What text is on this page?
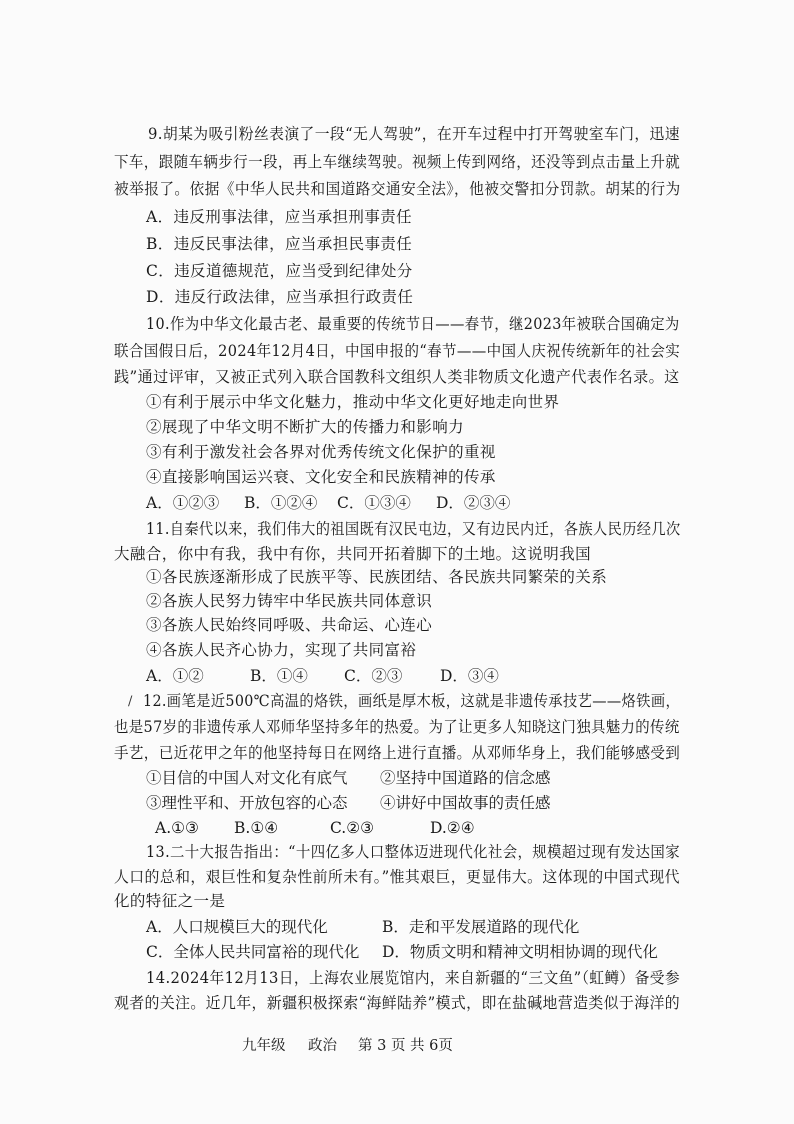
9.胡某为吸引粉丝表演了一段“无人驾驶”，在开车过程中打开驾驶室车门，迅速
下车，跟随车辆步行一段，再上车继续驾驶。视频上传到网络，还没等到点击量上升就
被举报了。依据《中华人民共和国道路交通安全法》，他被交警扣分罚款。胡某的行为
A．违反刑事法律，应当承担刑事责任
B．违反民事法律，应当承担民事责任
C．违反道德规范，应当受到纪律处分
D．违反行政法律，应当承担行政责任
10.作为中华文化最古老、最重要的传统节日——春节，继2023年被联合国确定为
联合国假日后，2024年12月4日，中国申报的“春节——中国人庆祝传统新年的社会实
践”通过评审，又被正式列入联合国教科文组织人类非物质文化遗产代表作名录。这
①有利于展示中华文化魅力，推动中华文化更好地走向世界
②展现了中华文明不断扩大的传播力和影响力
③有利于激发社会各界对优秀传统文化保护的重视
④直接影响国运兴衰、文化安全和民族精神的传承
A．①②③ B．①②④ C．①③④ D．②③④
11.自秦代以来，我们伟大的祖国既有汉民屯边，又有边民内迁，各族人民历经几次
大融合，你中有我，我中有你，共同开拓着脚下的土地。这说明我国
①各民族逐渐形成了民族平等、民族团结、各民族共同繁荣的关系
②各族人民努力铸牢中华民族共同体意识
③各族人民始终同呼吸、共命运、心连心
④各族人民齐心协力，实现了共同富裕
A．①②	B．①④ C．②③ D．③④
/ 12.画笔是近500℃高温的烙铁，画纸是厚木板，这就是非遗传承技艺——烙铁画，
也是57岁的非遗传承人邓师华坚持多年的热爱。为了让更多人知晓这门独具魅力的传统
手艺，已近花甲之年的他坚持每日在网络上进行直播。从邓师华身上，我们能够感受到
①目信的中国人对文化有底气 ②坚持中国道路的信念感
③理性平和、开放包容的心态 ④讲好中国故事的责任感
A.①③ B.①④	C.②③	D.②④
13.二十大报告指出：“十四亿多人口整体迈进现代化社会，规模超过现有发达国家
人口的总和，艰巨性和复杂性前所未有。”惟其艰巨，更显伟大。这体现的中国式现代
化的特征之一是
A．人口规模巨大的现代化	B．走和平发展道路的现代化
C．全体人民共同富裕的现代化 D．物质文明和精神文明相协调的现代化
14.2024年12月13日，上海农业展览馆内，来自新疆的“三文鱼”（虹鳟）备受参
观者的关注。近几年，新疆积极探索“海鲜陆养”模式，即在盐碱地营造类似于海洋的
九年级 政治 第 3 页 共 6页
